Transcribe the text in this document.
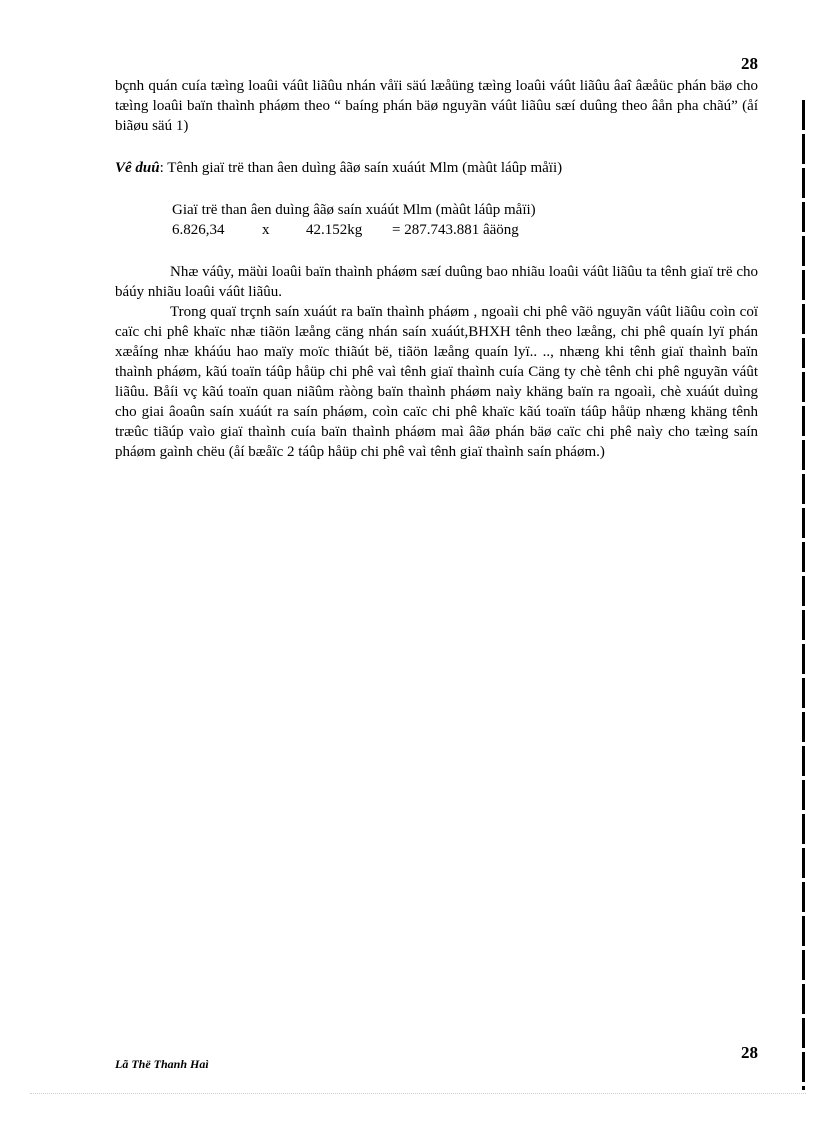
28

bçnh quán cuía tæìng loaûi váût liãûu nhán våïi säú læåüng tæìng loaûi váût liãûu âaî âæåüc phán bäø cho tæìng loaûi baïn thaình pháøm theo “ baíng phán bäø nguyãn váût liãûu sæí duûng theo âån pha chãú” (åí biãøu säú 1)

Vê duû: Tênh giaï trë than âen duìng âãø saín xuáút Mlm (màût láûp måïi)

Giaï trë than âen duìng âãø saín xuáút Mlm (màût láûp måïi)
6.826,34	x	42.152kg	= 287.743.881 âäöng

Nhæ váûy, mäùi loaûi baïn thaình pháøm sæí duûng bao nhiãu loaûi váût liãûu ta tênh giaï trë cho báúy nhiãu loaûi váût liãûu.

Trong quaï trçnh saín xuáút ra baïn thaình pháøm , ngoaìi chi phê vãö nguyãn váût liãûu coìn coï caïc chi phê khaïc nhæ tiãön læång cäng nhán saín xuáút,BHXH tênh theo læång, chi phê quaín lyï phán xæåíng nhæ kháúu hao maïy moïc thiãút bë, tiãön læång quaín lyï.. .., nhæng khi tênh giaï thaình baïn thaình pháøm, kãú toaïn táûp håüp chi phê vaì tênh giaï thaình cuía Cäng ty chè tênh chi phê nguyãn váût liãûu. Båíi vç kãú toaïn quan niãûm ràòng baïn thaình pháøm naìy khäng baïn ra ngoaìi, chè xuáút duìng cho giai âoaûn saín xuáút ra saín pháøm, coìn caïc chi phê khaïc kãú toaïn táûp håüp nhæng khäng tênh træûc tiãúp vaìo giaï thaình cuía baïn thaình pháøm maì âãø phán bäø caïc chi phê naìy cho tæìng saín pháøm gaình chëu (åí bæåïc 2 táûp håüp chi phê vaì tênh giaï thaình saín pháøm.)

Lã Thë Thanh Haì
28
